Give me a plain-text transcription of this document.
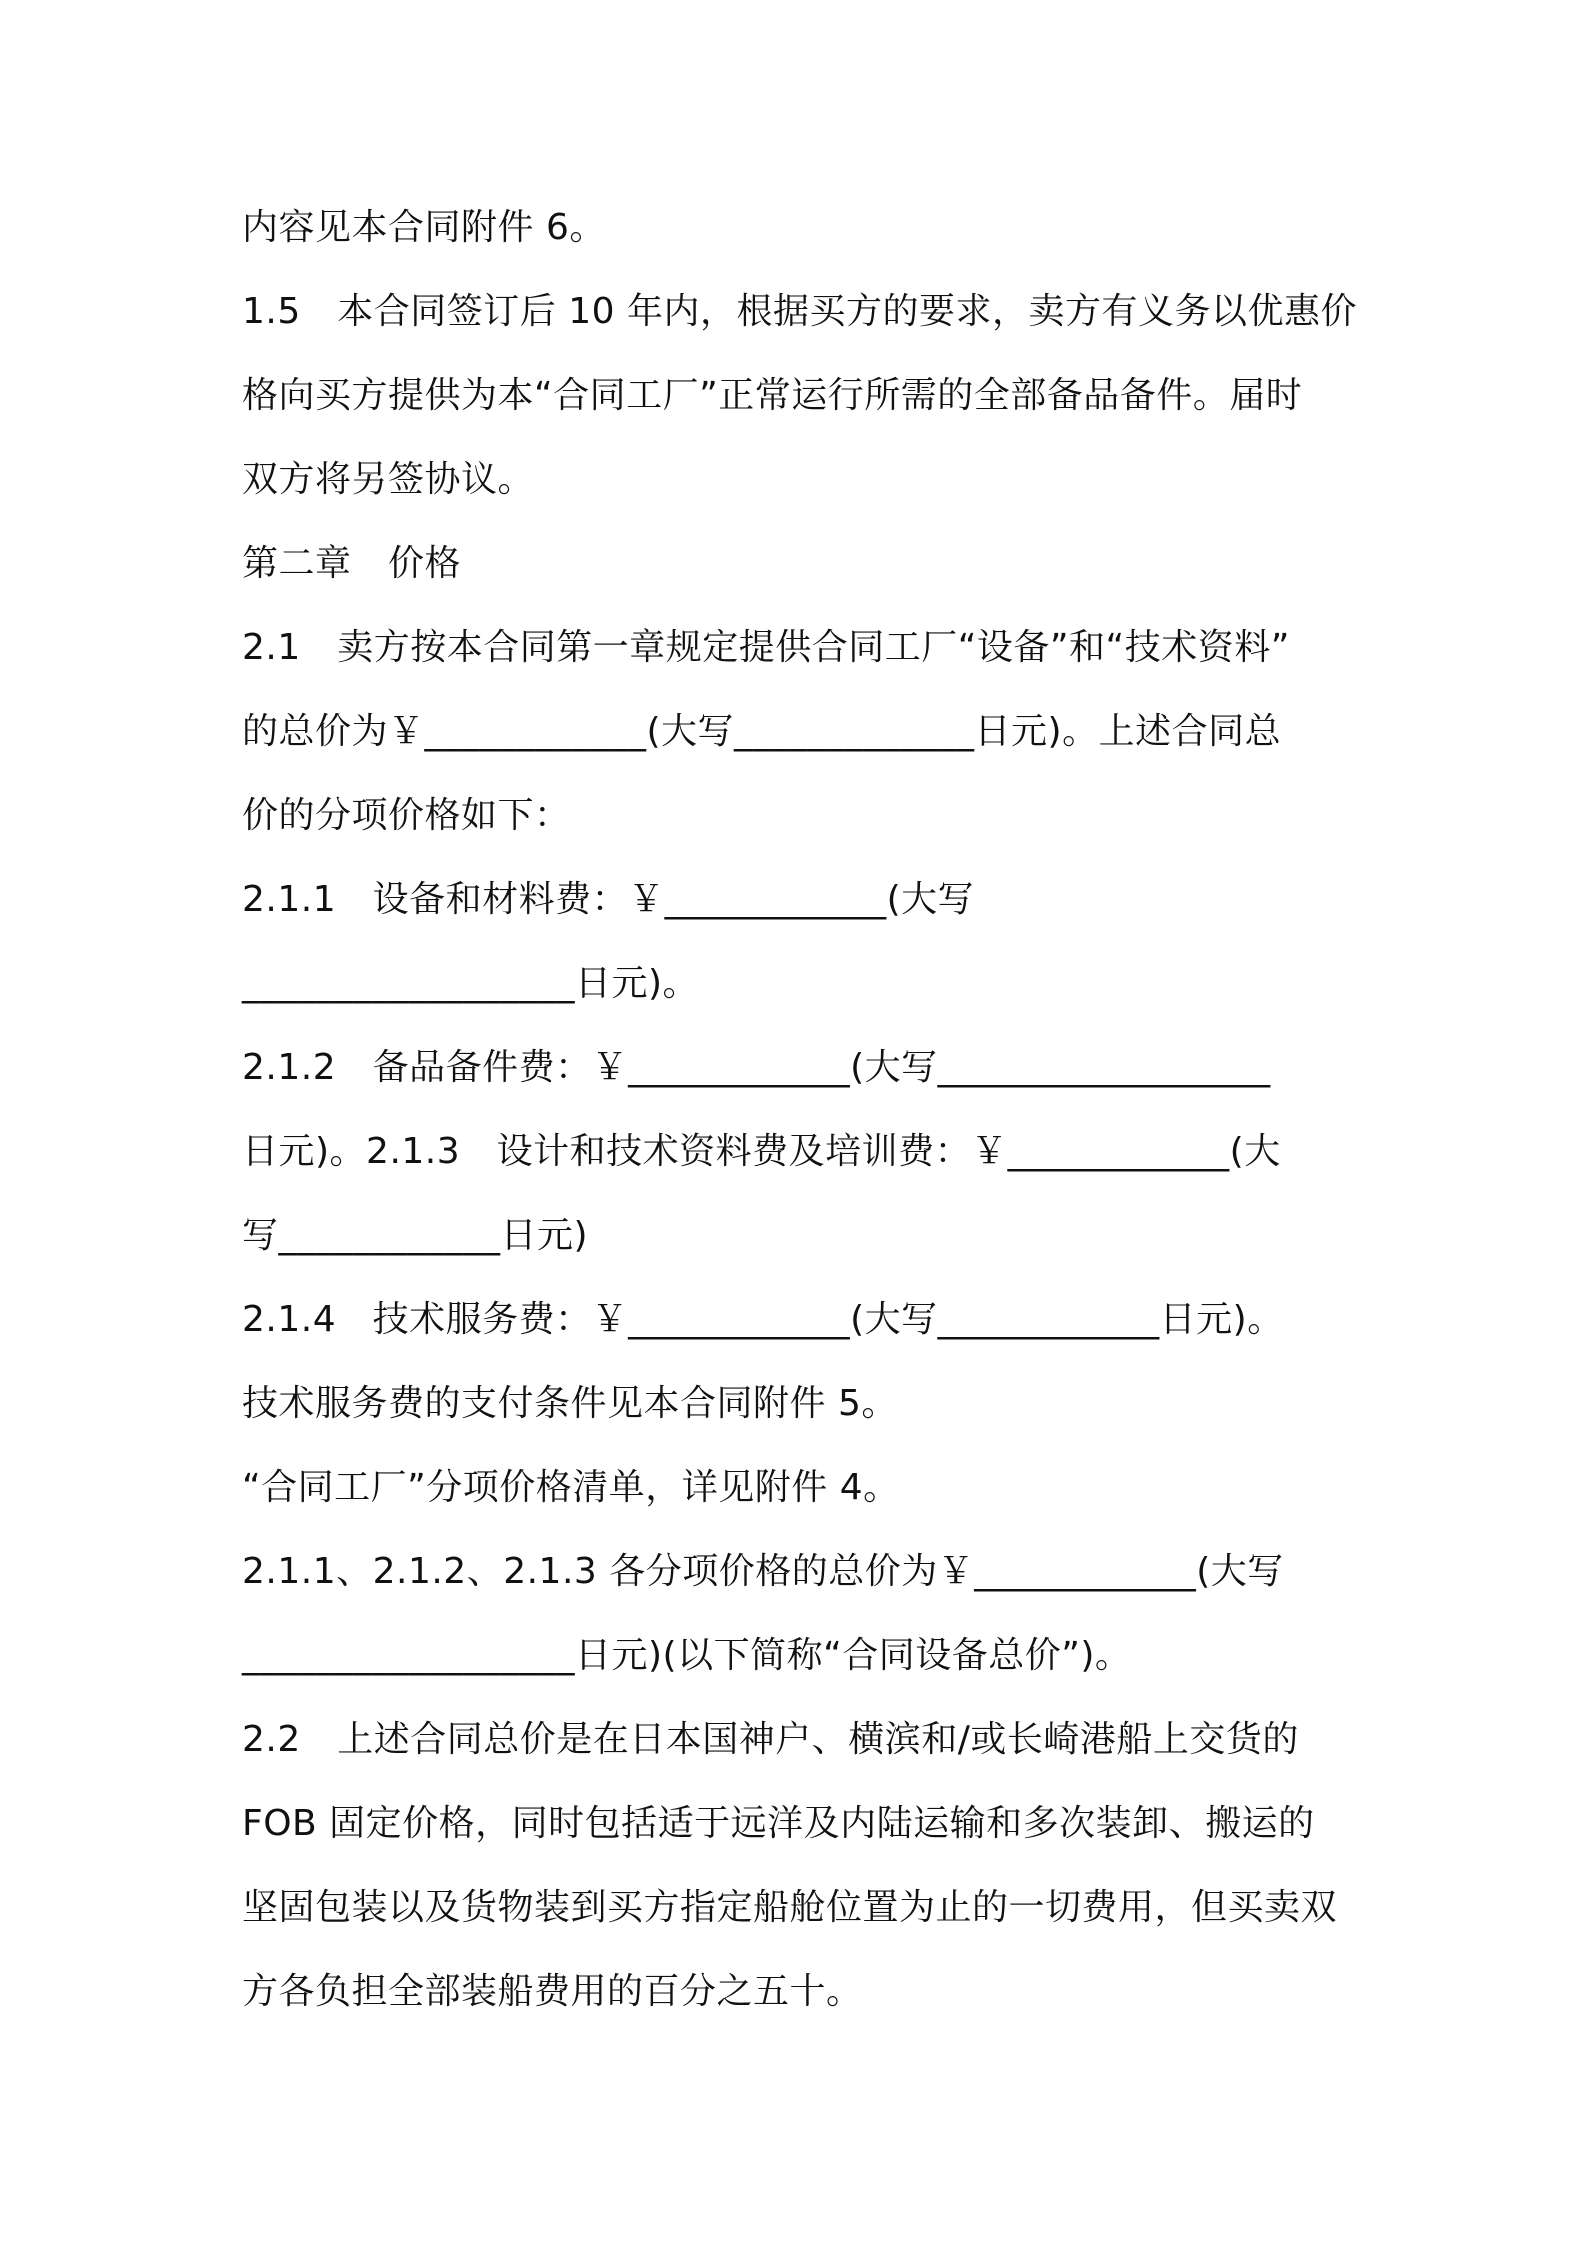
内容见本合同附件 6。
1.5　本合同签订后 10 年内，根据买方的要求，卖方有义务以优惠价
格向买方提供为本“合同工厂”正常运行所需的全部备品备件。届时
双方将另签协议。
第二章　价格
2.1　卖方按本合同第一章规定提供合同工厂“设备”和“技术资料”
的总价为￥____________(大写_____________日元)。上述合同总
价的分项价格如下：
2.1.1　设备和材料费：￥____________(大写
__________________日元)。
2.1.2　备品备件费：￥____________(大写__________________
日元)。2.1.3　设计和技术资料费及培训费：￥____________(大
写____________日元)
2.1.4　技术服务费：￥____________(大写____________日元)。
技术服务费的支付条件见本合同附件 5。
“合同工厂”分项价格清单，详见附件 4。
2.1.1、2.1.2、2.1.3 各分项价格的总价为￥____________(大写
__________________日元)(以下简称“合同设备总价”)。
2.2　上述合同总价是在日本国神户、横滨和/或长崎港船上交货的
FOB 固定价格，同时包括适于远洋及内陆运输和多次装卸、搬运的
坚固包装以及货物装到买方指定船舱位置为止的一切费用，但买卖双
方各负担全部装船费用的百分之五十。
